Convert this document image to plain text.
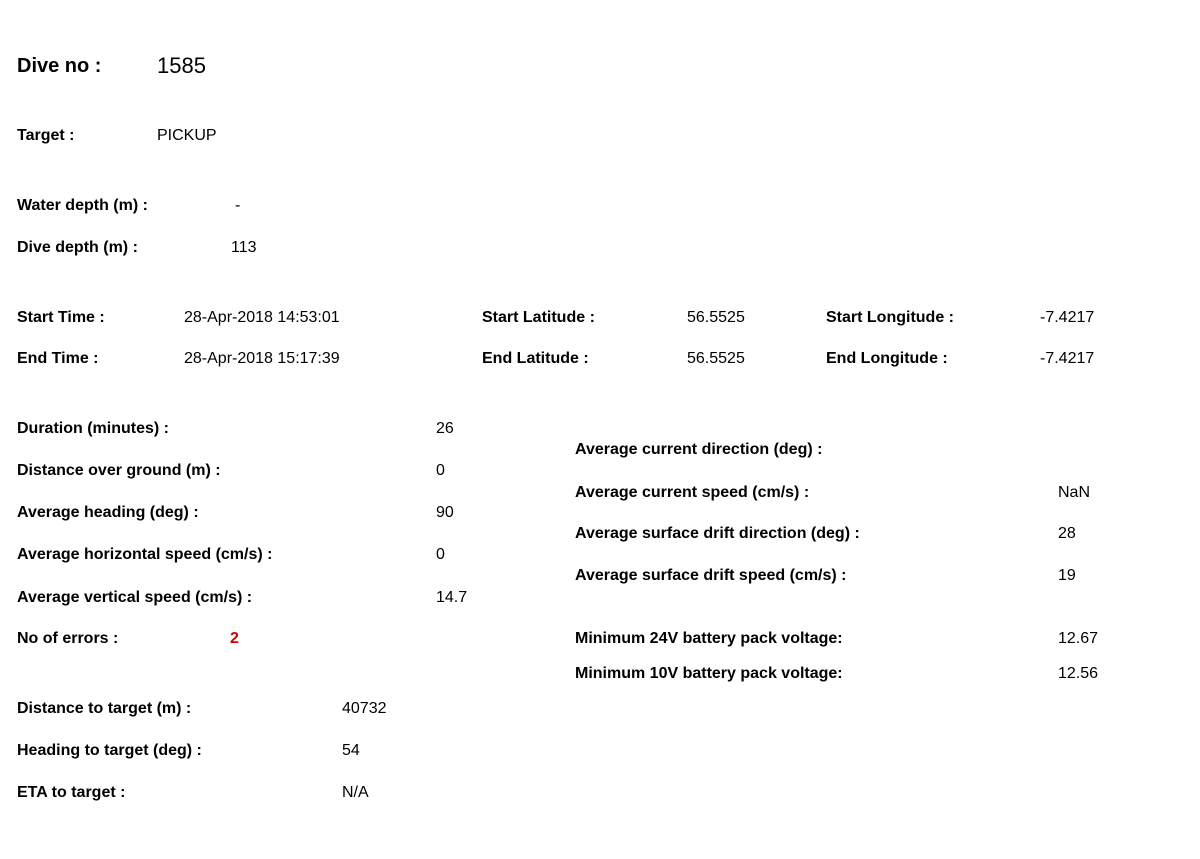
Dive no :	1585
Target :	PICKUP
Water depth (m) :	-
Dive depth (m) :	113
Start Time :	28-Apr-2018 14:53:01	Start Latitude :	56.5525	Start Longitude :	-7.4217
End Time :	28-Apr-2018 15:17:39	End Latitude :	56.5525	End Longitude :	-7.4217
Duration (minutes) :	26
Distance over ground (m) :	0
Average heading (deg) :	90
Average horizontal speed (cm/s) :	0
Average vertical speed (cm/s) :	14.7
No of errors :	2
Average current direction (deg) :
Average current speed (cm/s) :	NaN
Average surface drift direction (deg) :	28
Average surface drift speed (cm/s) :	19
Minimum 24V battery pack voltage:	12.67
Minimum 10V battery pack voltage:	12.56
Distance to target (m) :	40732
Heading to target (deg) :	54
ETA to target :	N/A
